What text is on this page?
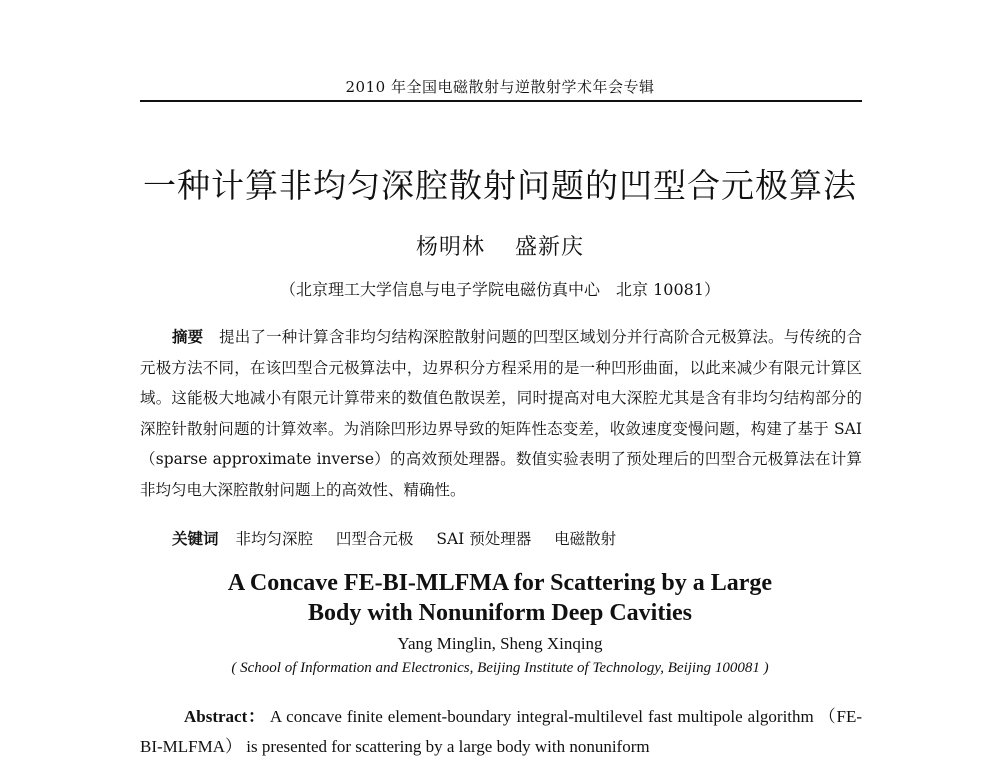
2010 年全国电磁散射与逆散射学术年会专辑
一种计算非均匀深腔散射问题的凹型合元极算法
杨明林 盛新庆
（北京理工大学信息与电子学院电磁仿真中心　北京 10081）

摘要　 提出了一种计算含非均匀结构深腔散射问题的凹型区域划分并行高阶合元极算法。与传统的合元极方法不同，在该凹型合元极算法中，边界积分方程采用的是一种凹形曲面，以此来减少有限元计算区域。这能极大地减小有限元计算带来的数值色散误差，同时提高对电大深腔尤其是含有非均匀结构部分的深腔针散射问题的计算效率。为消除凹形边界导致的矩阵性态变差，收敛速度变慢问题，构建了基于 SAI（sparse approximate inverse）的高效预处理器。数值实验表明了预处理后的凹型合元极算法在计算非均匀电大深腔散射问题上的高效性、精确性。

关键词 非均匀深腔 凹型合元极 SAI 预处理器 电磁散射
A Concave FE-BI-MLFMA for Scattering by a Large
Body with Nonuniform Deep Cavities
Yang Minglin, Sheng Xinqing
( School of Information and Electronics, Beijing Institute of Technology, Beijing 100081 )

Abstract： A concave finite element-boundary integral-multilevel fast multipole algorithm （FE-BI-MLFMA） is presented for scattering by a large body with nonuniform
